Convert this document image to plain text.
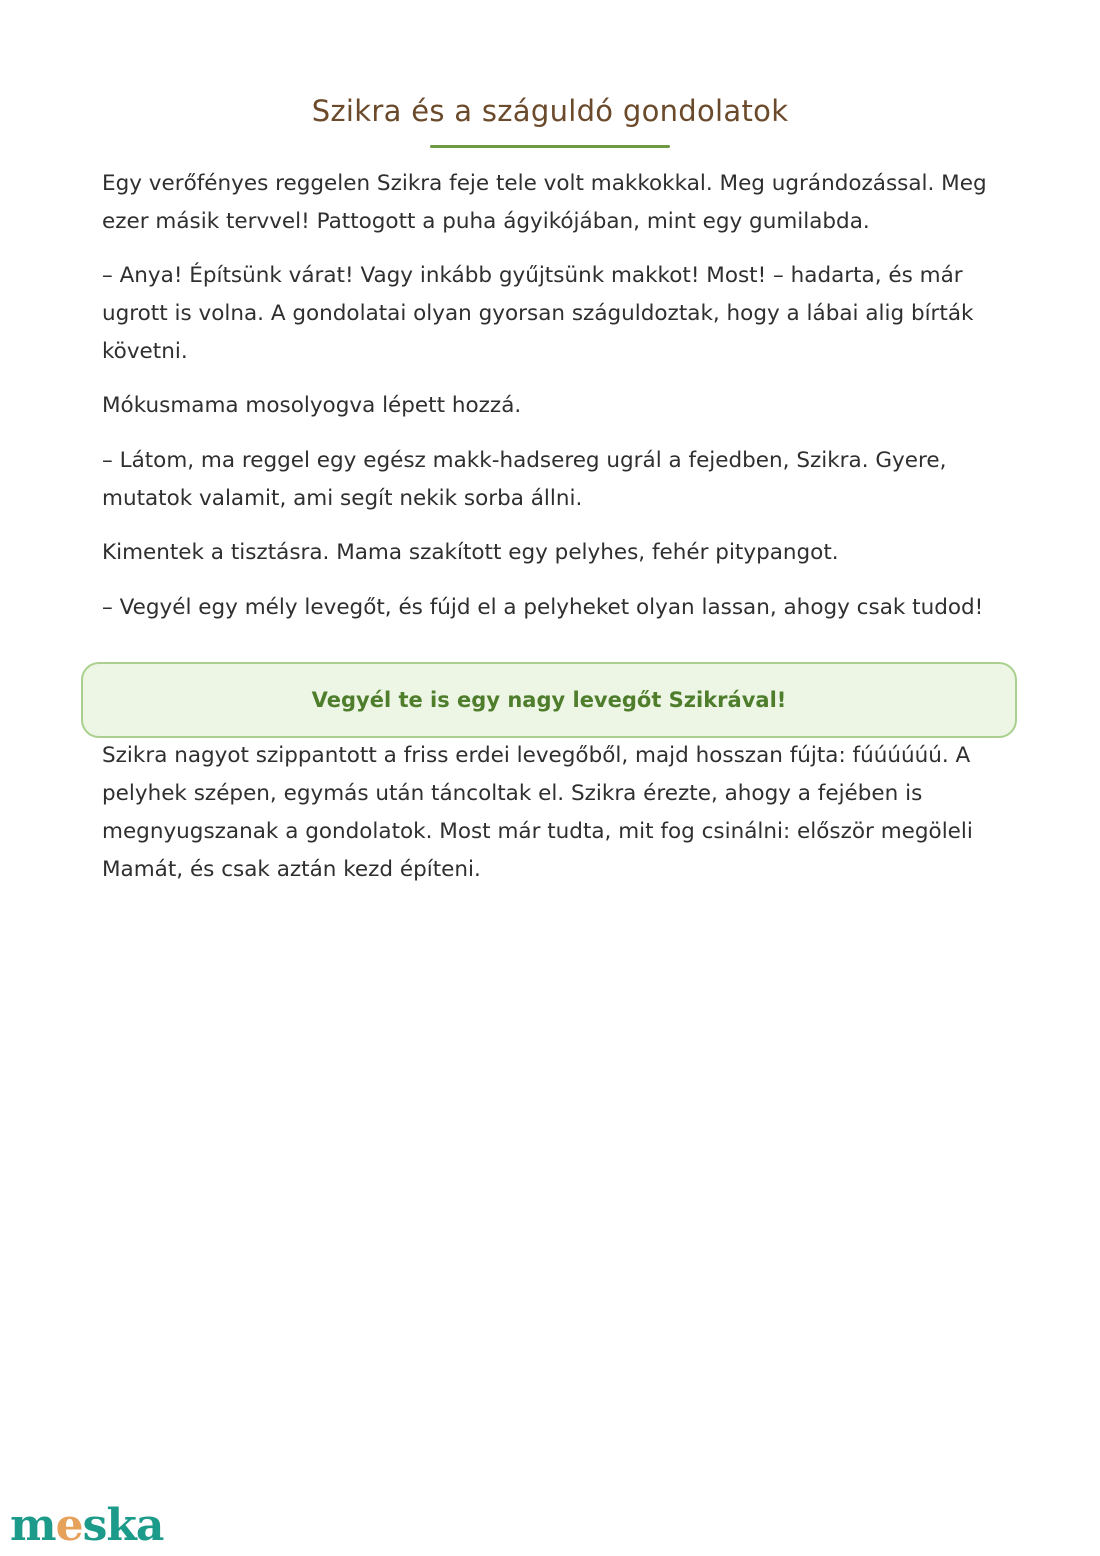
Szikra és a száguldó gondolatok

Egy verőfényes reggelen Szikra feje tele volt makkokkal. Meg ugrándozással. Meg ezer másik tervvel! Pattogott a puha ágyikójában, mint egy gumilabda.

– Anya! Építsünk várat! Vagy inkább gyűjtsünk makkot! Most! – hadarta, és már ugrott is volna. A gondolatai olyan gyorsan száguldoztak, hogy a lábai alig bírták követni.

Mókusmama mosolyogva lépett hozzá.

– Látom, ma reggel egy egész makk-hadsereg ugrál a fejedben, Szikra. Gyere, mutatok valamit, ami segít nekik sorba állni.

Kimentek a tisztásra. Mama szakított egy pelyhes, fehér pitypangot.

– Vegyél egy mély levegőt, és fújd el a pelyheket olyan lassan, ahogy csak tudod!

Vegyél te is egy nagy levegőt Szikrával!

Szikra nagyot szippantott a friss erdei levegőből, majd hosszan fújta: fúúúúúú. A pelyhek szépen, egymás után táncoltak el. Szikra érezte, ahogy a fejében is megnyugszanak a gondolatok. Most már tudta, mit fog csinálni: először megöleli Mamát, és csak aztán kezd építeni.

meska
